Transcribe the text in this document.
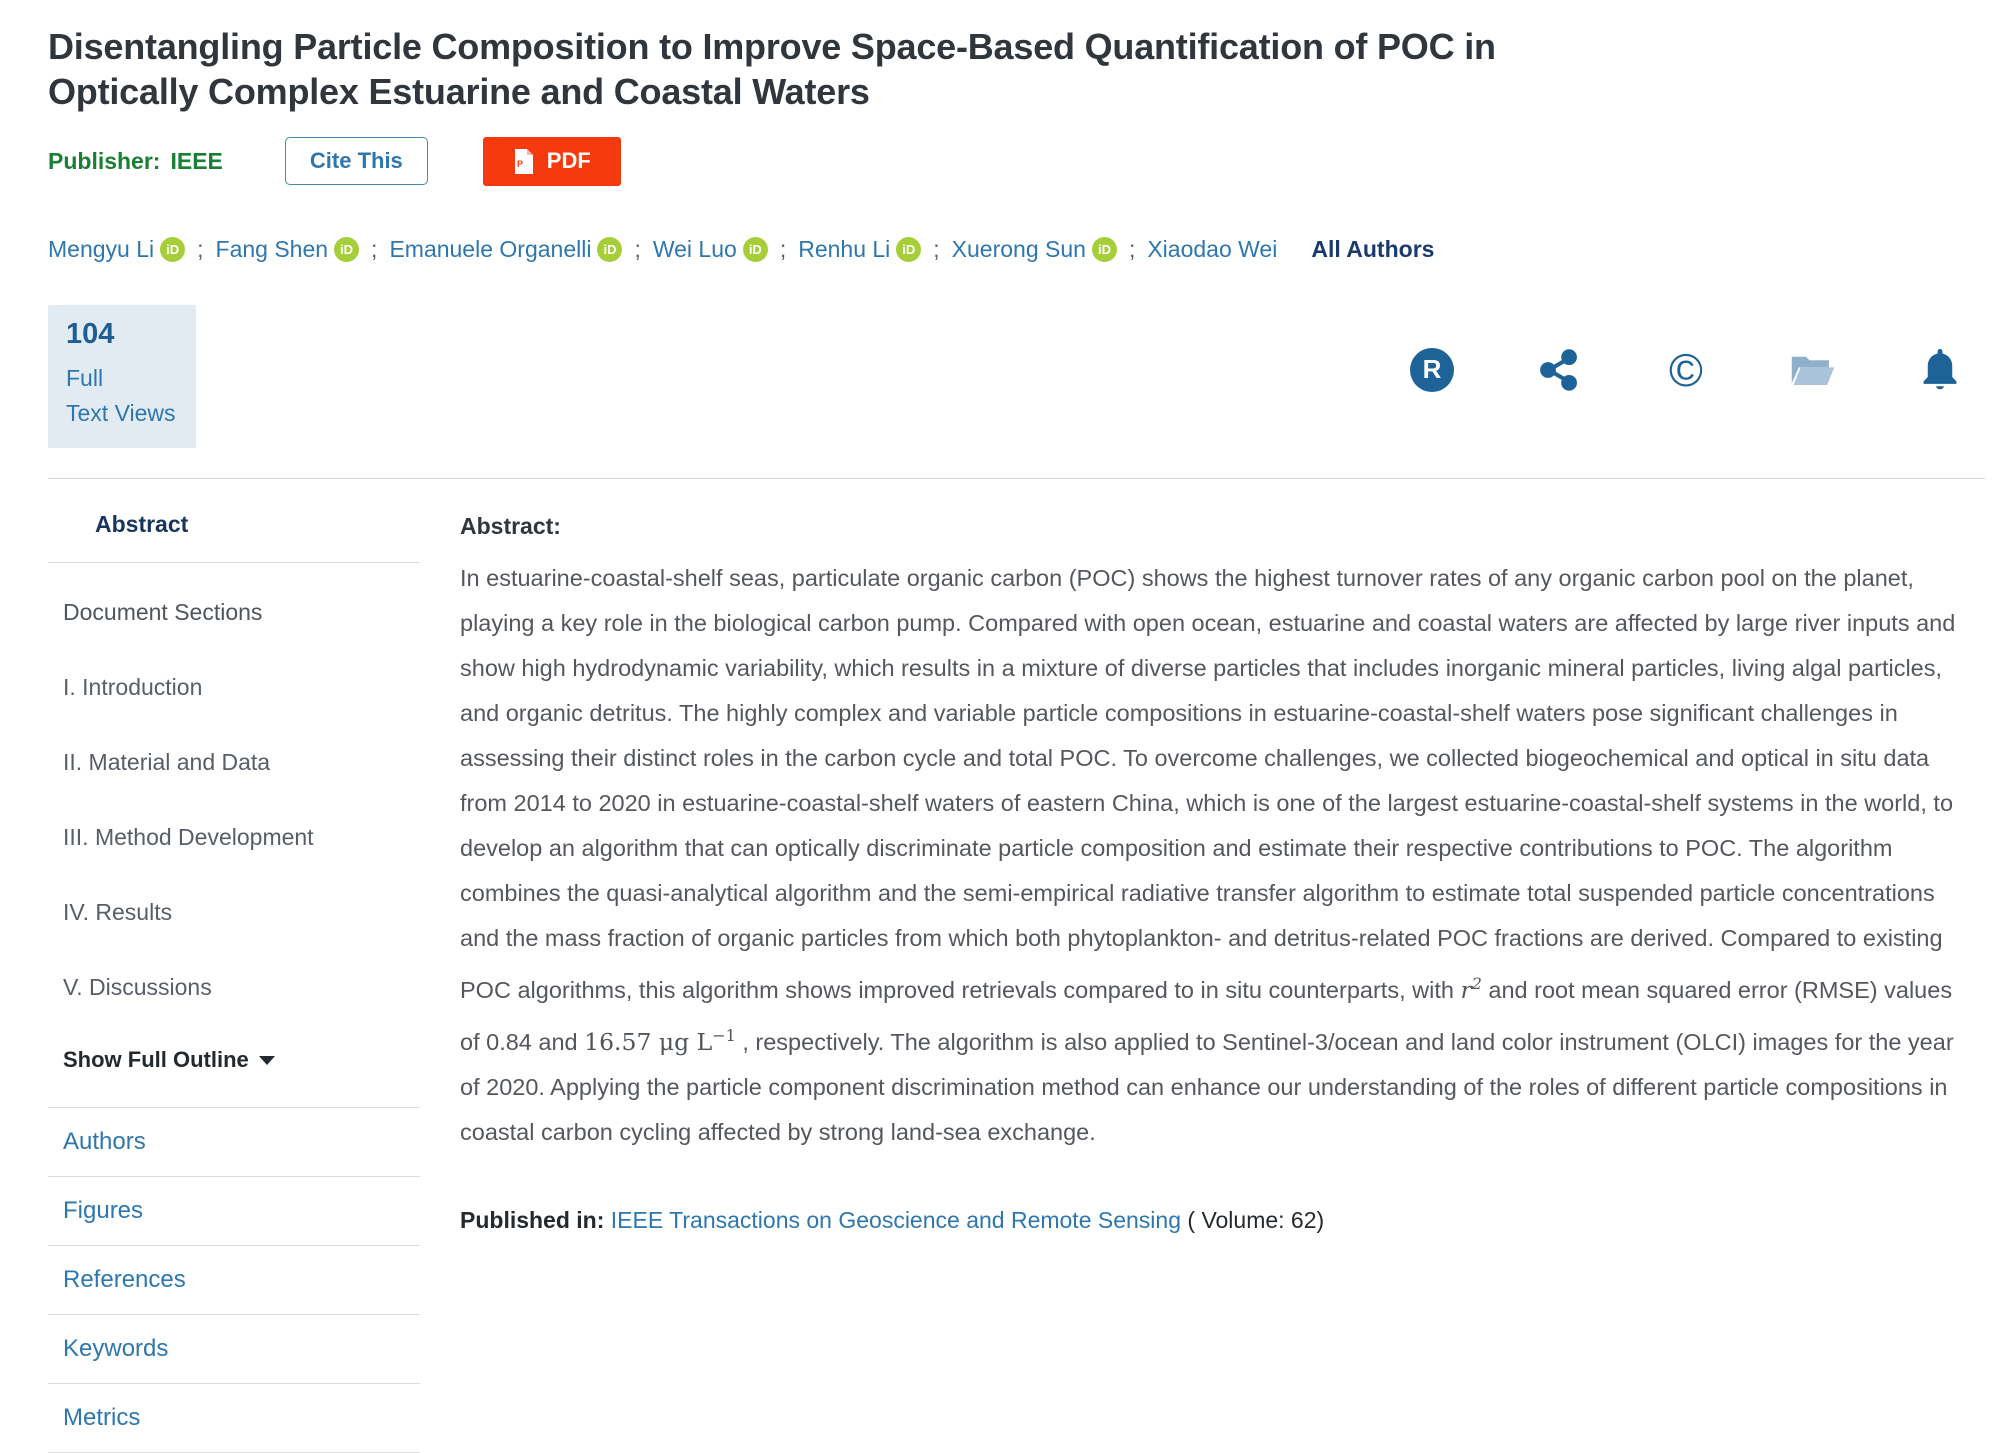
Disentangling Particle Composition to Improve Space-Based Quantification of POC in Optically Complex Estuarine and Coastal Waters
Publisher: IEEE	Cite This	P PDF
Mengyu Li iD ; Fang Shen iD ; Emanuele Organelli iD ; Wei Luo iD ; Renhu Li iD ; Xuerong Sun iD ; Xiaodao Wei All Authors
104
Full
Text Views
R	©
Abstract
Document Sections
I. Introduction
II. Material and Data
III. Method Development
IV. Results
V. Discussions
Show Full Outline
Authors
Figures
References
Keywords
Metrics
Abstract:

In estuarine-coastal-shelf seas, particulate organic carbon (POC) shows the highest turnover rates of any organic carbon pool on the planet, playing a key role in the biological carbon pump. Compared with open ocean, estuarine and coastal waters are affected by large river inputs and show high hydrodynamic variability, which results in a mixture of diverse particles that includes inorganic mineral particles, living algal particles, and organic detritus. The highly complex and variable particle compositions in estuarine-coastal-shelf waters pose significant challenges in assessing their distinct roles in the carbon cycle and total POC. To overcome challenges, we collected biogeochemical and optical in situ data from 2014 to 2020 in estuarine-coastal-shelf waters of eastern China, which is one of the largest estuarine-coastal-shelf systems in the world, to develop an algorithm that can optically discriminate particle composition and estimate their respective contributions to POC. The algorithm combines the quasi-analytical algorithm and the semi-empirical radiative transfer algorithm to estimate total suspended particle concentrations and the mass fraction of organic particles from which both phytoplankton- and detritus-related POC fractions are derived. Compared to existing POC algorithms, this algorithm shows improved retrievals compared to in situ counterparts, with $r^2$ and root mean squared error (RMSE) values of 0.84 and 16.57 μg $L^{-1}$ , respectively. The algorithm is also applied to Sentinel-3/ocean and land color instrument (OLCI) images for the year of 2020. Applying the particle component discrimination method can enhance our understanding of the roles of different particle compositions in coastal carbon cycling affected by strong land-sea exchange.

Published in: IEEE Transactions on Geoscience and Remote Sensing ( Volume: 62)
